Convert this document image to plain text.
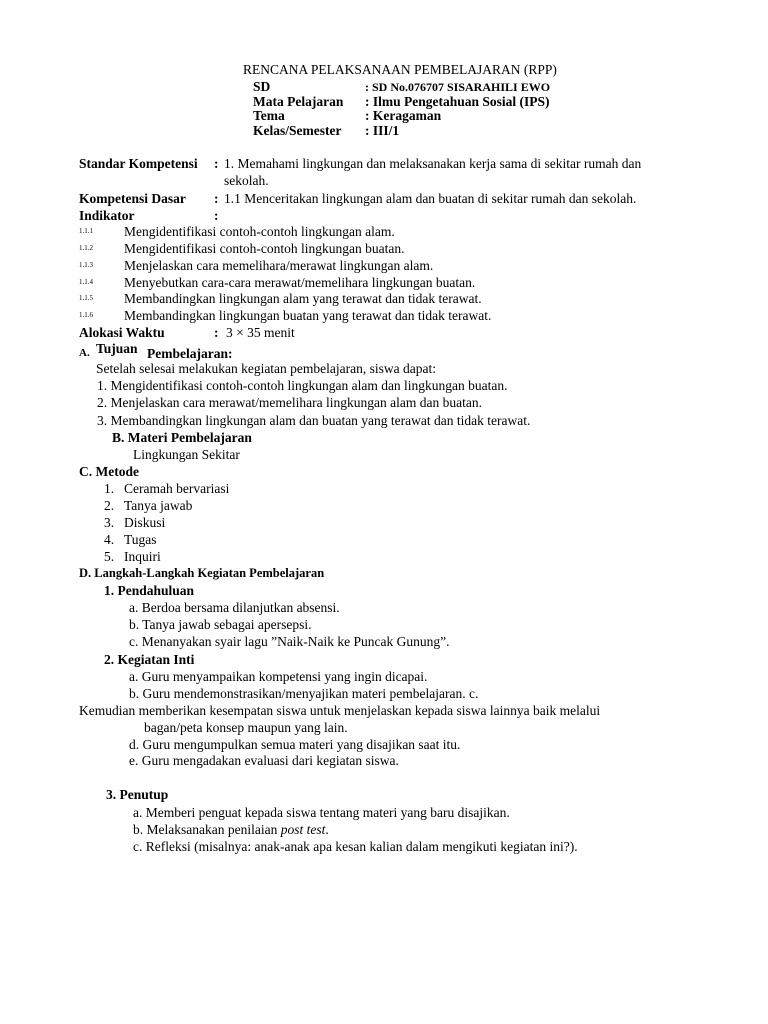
RENCANA PELAKSANAAN PEMBELAJARAN (RPP)
SD	: SD No.076707 SISARAHILI EWO
Mata Pelajaran : Ilmu Pengetahuan Sosial (IPS)
Tema	: Keragaman
Kelas/Semester : III/1
Standar Kompetensi : 1. Memahami lingkungan dan melaksanakan kerja sama di sekitar rumah dan
sekolah.
Kompetensi Dasar : 1.1 Menceritakan lingkungan alam dan buatan di sekitar rumah dan sekolah.
Indikator	:
1.1.1 Mengidentifikasi contoh-contoh lingkungan alam.
1.1.2 Mengidentifikasi contoh-contoh lingkungan buatan.
1.1.3 Menjelaskan cara memelihara/merawat lingkungan alam.
1.1.4 Menyebutkan cara-cara merawat/memelihara lingkungan buatan.
1.1.5 Membandingkan lingkungan alam yang terawat dan tidak terawat.
1.1.6 Membandingkan lingkungan buatan yang terawat dan tidak terawat.
Alokasi Waktu	: 3 × 35 menit
A. Tujuan Pembelajaran:
Setelah selesai melakukan kegiatan pembelajaran, siswa dapat:
1. Mengidentifikasi contoh-contoh lingkungan alam dan lingkungan buatan.
2. Menjelaskan cara merawat/memelihara lingkungan alam dan buatan.
3. Membandingkan lingkungan alam dan buatan yang terawat dan tidak terawat.
B. Materi Pembelajaran
Lingkungan Sekitar
C. Metode
1. Ceramah bervariasi
2. Tanya jawab
3. Diskusi
4. Tugas
5. Inquiri
D. Langkah-Langkah Kegiatan Pembelajaran
1. Pendahuluan
a. Berdoa bersama dilanjutkan absensi.
b. Tanya jawab sebagai apersepsi.
c. Menanyakan syair lagu ”Naik-Naik ke Puncak Gunung”.
2. Kegiatan Inti
a. Guru menyampaikan kompetensi yang ingin dicapai.
b. Guru mendemonstrasikan/menyajikan materi pembelajaran. c.
Kemudian memberikan kesempatan siswa untuk menjelaskan kepada siswa lainnya baik melalui
bagan/peta konsep maupun yang lain.
d. Guru mengumpulkan semua materi yang disajikan saat itu.
e. Guru mengadakan evaluasi dari kegiatan siswa.
3. Penutup
a. Memberi penguat kepada siswa tentang materi yang baru disajikan.
b. Melaksanakan penilaian post test.
c. Refleksi (misalnya: anak-anak apa kesan kalian dalam mengikuti kegiatan ini?).
